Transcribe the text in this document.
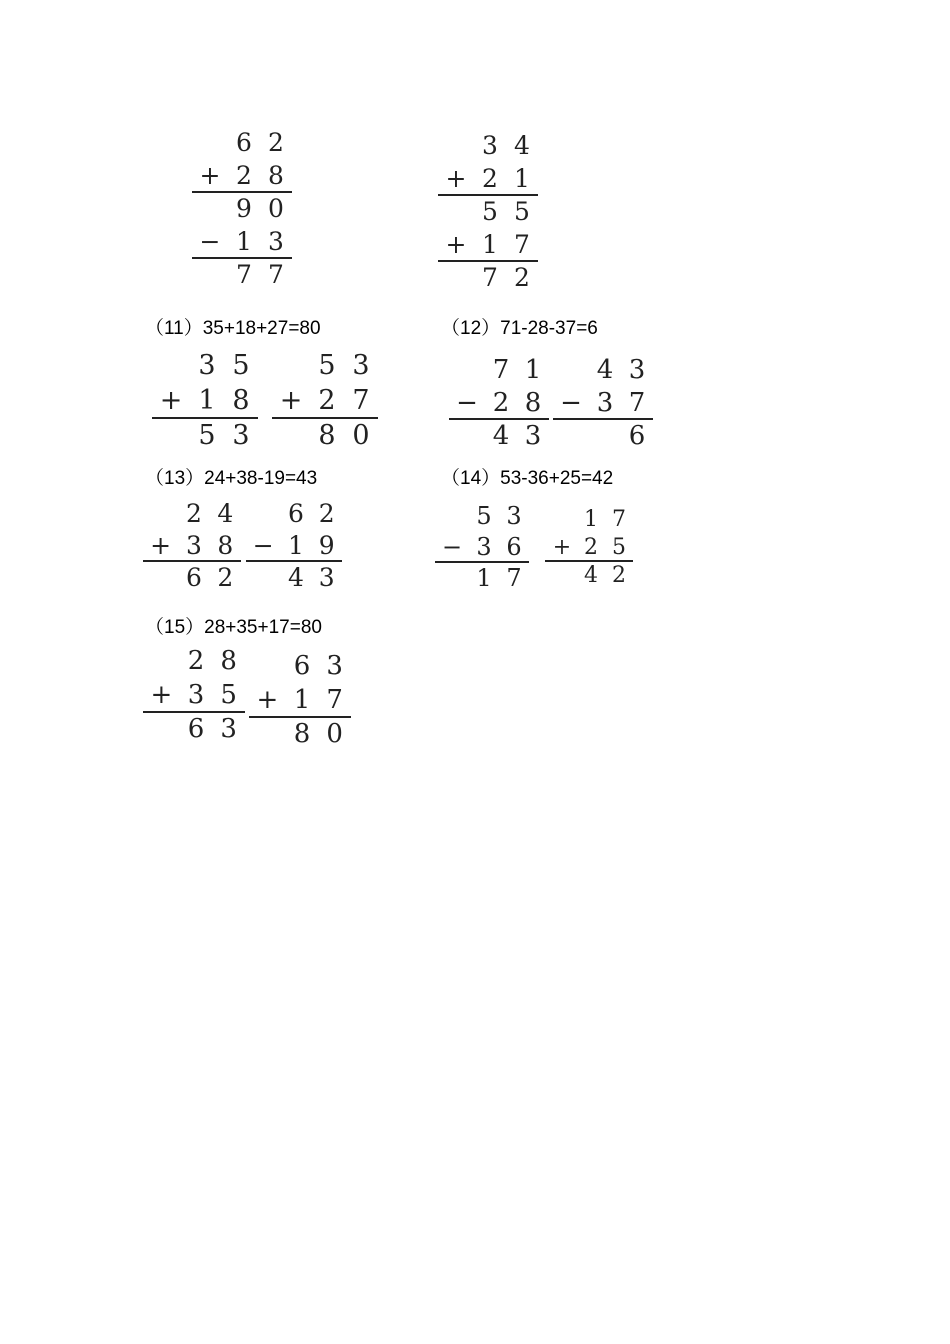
（11）35+18+27=80	（12）71-28-37=6
（13）24+38-19=43	（14）53-36+25=42
（15）28+35+17=80
6 2
+ 2 8
9 0
− 1 3
7 7
3 4
+ 2 1
5 5
+ 1 7
7 2
3 5
+ 1 8
5 3
5 3
+ 2 7
8 0
7 1
− 2 8
4 3
4 3
− 3 7
6
2 4
+ 3 8
6 2
6 2
− 1 9
4 3
5 3
− 3 6
1 7
1 7
+ 2 5
4 2
2 8
+ 3 5
6 3
6 3
+ 1 7
8 0
